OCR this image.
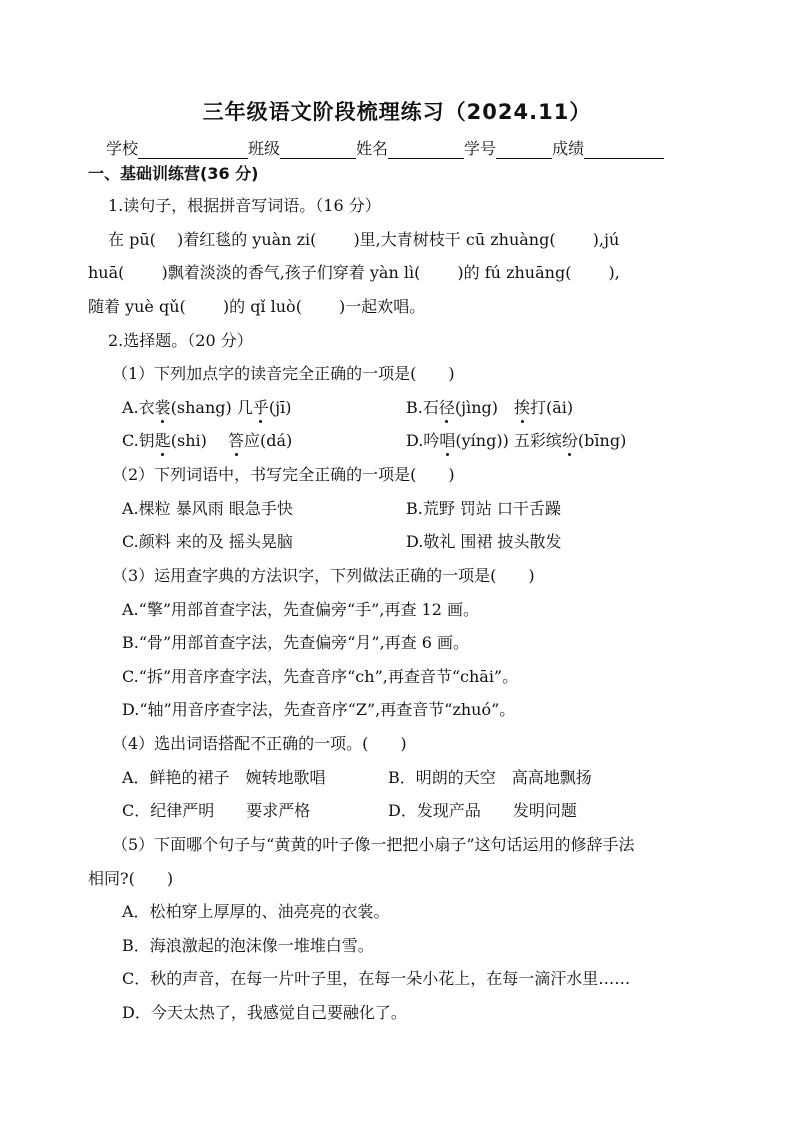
三年级语文阶段梳理练习（2024.11）
学校	班级	姓名	学号	成绩
一、基础训练营(36 分)
1.读句子，根据拼音写词语。（16 分）
在 pū(　 )着红毯的 yuàn zi(　　 )里,大青树枝干 cū zhuàng(　　 ),jú
huā(　　 )飘着淡淡的香气,孩子们穿着 yàn lì(　　 )的 fú zhuāng(　　 ),
随着 yuè qǔ(　　 )的 qǐ luò(　　 )一起欢唱。
2.选择题。（20 分）
（1）下列加点字的读音完全正确的一项是(　　)
A.衣裳(shang) 几乎(jī)	B.石径(jìng)　挨打(āi)
C.钥匙(shi)　 答应(dá)	D.吟唱(yíng)) 五彩缤纷(bīng)
（2）下列词语中，书写完全正确的一项是(　　)
A.棵粒 暴风雨 眼急手快	B.荒野 罚站 口干舌躁
C.颜料 来的及 摇头晃脑	D.敬礼 围裙 披头散发
（3）运用查字典的方法识字，下列做法正确的一项是(　　)
A.“擎”用部首查字法，先查偏旁“手”,再查 12 画。
B.“骨”用部首查字法，先查偏旁“月”,再查 6 画。
C.“拆”用音序查字法，先查音序“ch”,再查音节“chāi”。
D.“轴”用音序查字法，先查音序“Z”,再查音节“zhuó”。
（4）选出词语搭配不正确的一项。(　　)
A．鲜艳的裙子　婉转地歌唱	B．明朗的天空　高高地飘扬
C．纪律严明　　要求严格	D．发现产品　　发明问题
（5）下面哪个句子与“黄黄的叶子像一把把小扇子”这句话运用的修辞手法
相同?(　　)
A．松柏穿上厚厚的、油亮亮的衣裳。
B．海浪激起的泡沫像一堆堆白雪。
C．秋的声音，在每一片叶子里，在每一朵小花上，在每一滴汗水里……
D．今天太热了，我感觉自己要融化了。
